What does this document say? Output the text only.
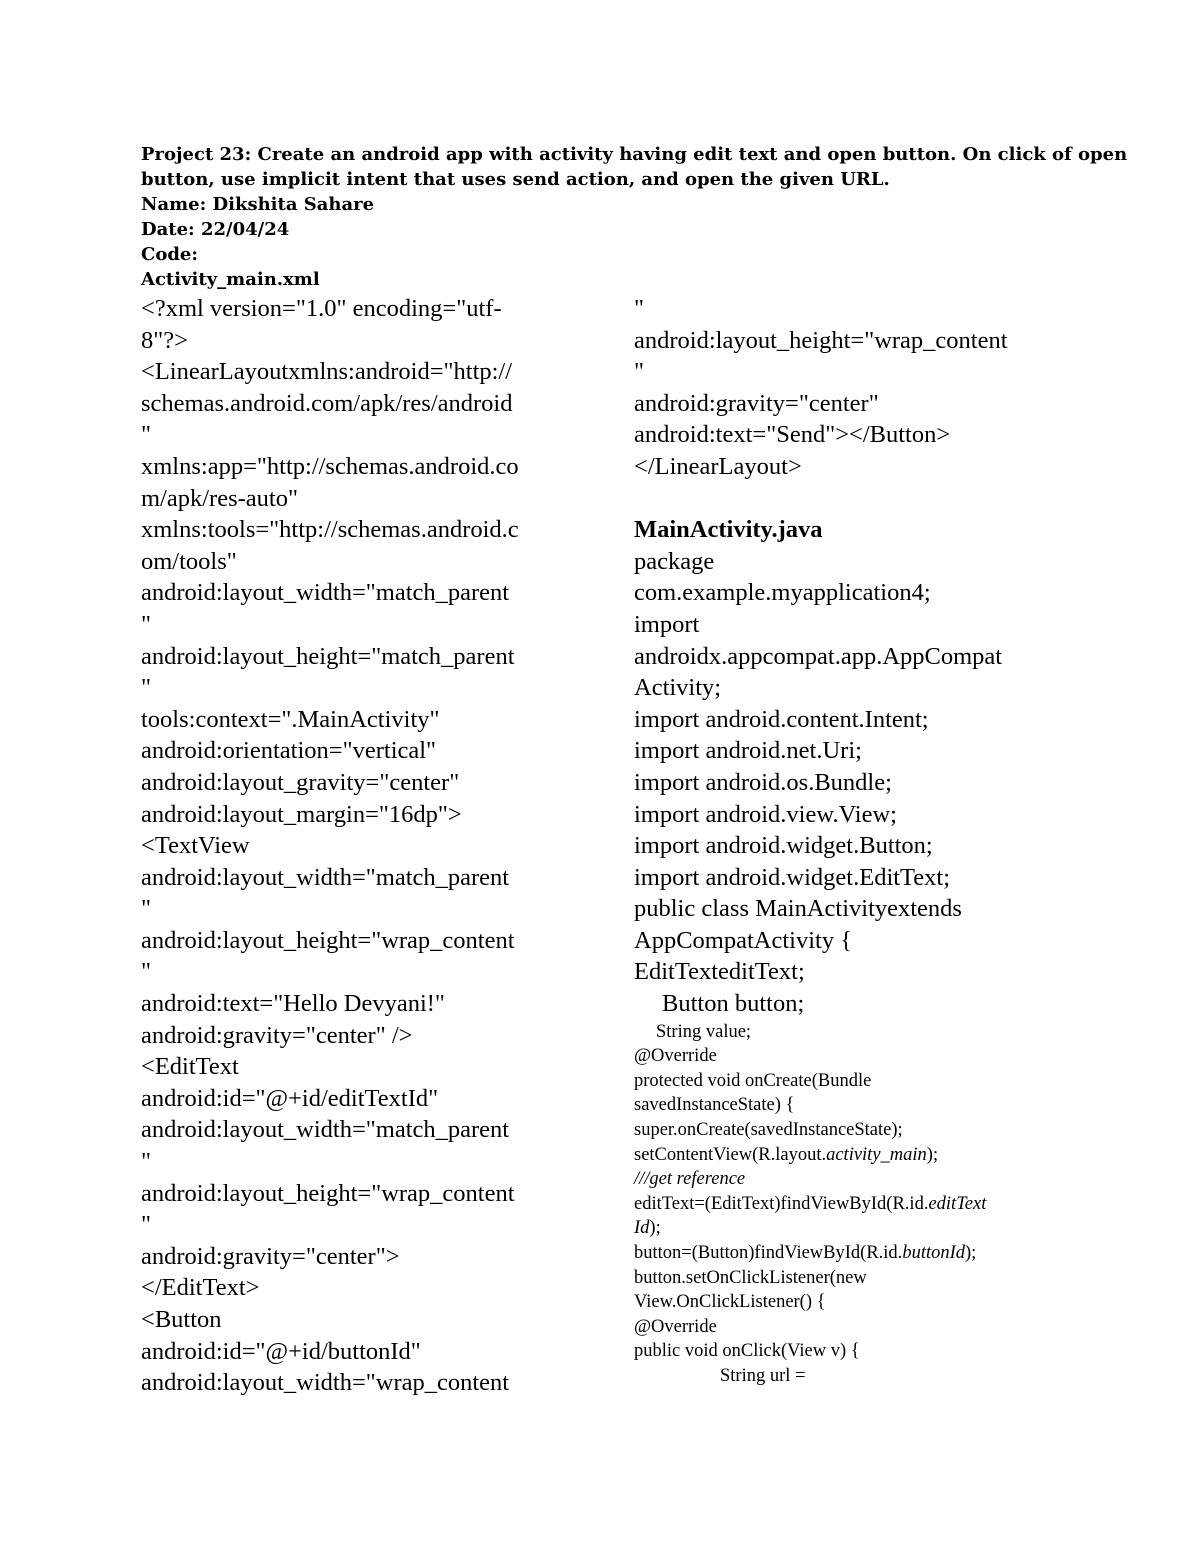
Project 23: Create an android app with activity having edit text and open button. On click of open
button, use implicit intent that uses send action, and open the given URL.
Name: Dikshita Sahare
Date: 22/04/24
Code:
Activity_main.xml
<?xml version="1.0" encoding="utf-
8"?>
<LinearLayoutxmlns:android="http://
schemas.android.com/apk/res/android
"
xmlns:app="http://schemas.android.co
m/apk/res-auto"
xmlns:tools="http://schemas.android.c
om/tools"
android:layout_width="match_parent
"
android:layout_height="match_parent
"
tools:context=".MainActivity"
android:orientation="vertical"
android:layout_gravity="center"
android:layout_margin="16dp">
<TextView
android:layout_width="match_parent
"
android:layout_height="wrap_content
"
android:text="Hello Devyani!"
android:gravity="center" />
<EditText
android:id="@+id/editTextId"
android:layout_width="match_parent
"
android:layout_height="wrap_content
"
android:gravity="center">
</EditText>
<Button
android:id="@+id/buttonId"
android:layout_width="wrap_content
"
android:layout_height="wrap_content
"
android:gravity="center"
android:text="Send"></Button>
</LinearLayout>
MainActivity.java
package
com.example.myapplication4;
import
androidx.appcompat.app.AppCompat
Activity;
import android.content.Intent;
import android.net.Uri;
import android.os.Bundle;
import android.view.View;
import android.widget.Button;
import android.widget.EditText;
public class MainActivityextends
AppCompatActivity {
EditTexteditText;
Button button;
String value;
@Override
protected void onCreate(Bundle
savedInstanceState) {
super.onCreate(savedInstanceState);
setContentView(R.layout.activity_main);
///get reference
editText=(EditText)findViewById(R.id.editText
Id);
button=(Button)findViewById(R.id.buttonId);
button.setOnClickListener(new
View.OnClickListener() {
@Override
public void onClick(View v) {
String url =
